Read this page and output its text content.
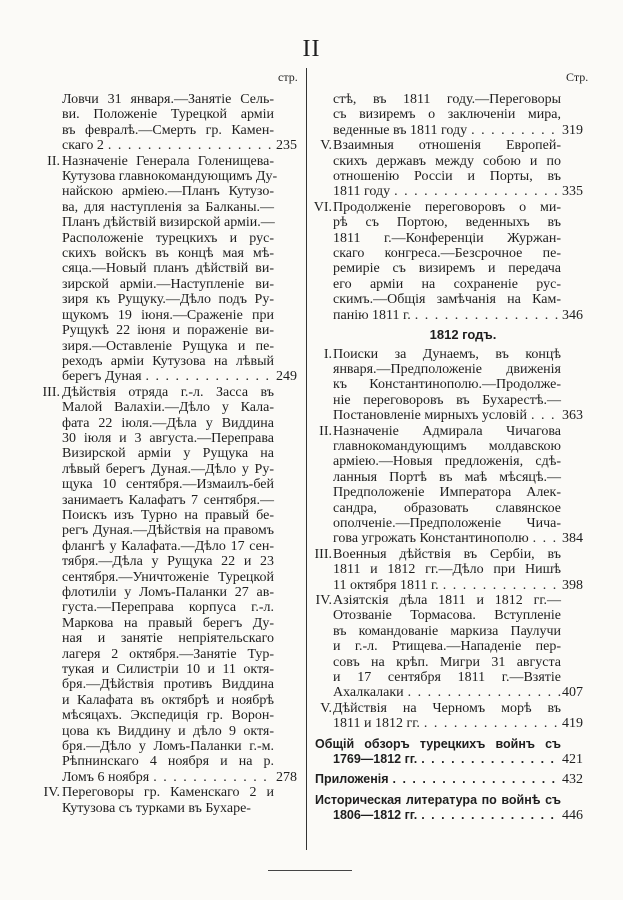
II
стр.	Стр.
Ловчи 31 января.—Занятіе Сель-
ви. Положеніе Турецкой арміи
въ февралѣ.—Смерть гр. Камен-
скаго 2 . . .	235
II. Назначеніе Генерала Голенищева-
Кутузова главнокомандующимъ Ду-
найскою арміею.—Планъ Кутузо-
ва, для наступленія за Балканы.—
Планъ дѣйствій визирской арміи.—
Расположеніе турецкихъ и рус-
скихъ войскъ въ концѣ мая мѣ-
сяца.—Новый планъ дѣйствій ви-
зирской арміи.—Наступленіе ви-
зиря къ Рущуку.—Дѣло подъ Ру-
щукомъ 19 іюня.—Сраженіе при
Рущукѣ 22 іюня и пораженіе ви-
зиря.—Оставленіе Рущука и пе-
реходъ арміи Кутузова на лѣвый
берегъ Дуная . . .	249
III. Дѣйствія отряда г.-л. Засса въ
Малой Валахіи.—Дѣло у Кала-
фата 22 іюля.—Дѣла у Виддина
30 іюля и 3 августа.—Переправа
Визирской арміи у Рущука на
лѣвый берегъ Дуная.—Дѣло у Ру-
щука 10 сентября.—Измаилъ-бей
занимаетъ Калафатъ 7 сентября.—
Поискъ изъ Турно на правый бе-
регъ Дуная.—Дѣйствія на правомъ
флангѣ у Калафата.—Дѣло 17 сен-
тября.—Дѣла у Рущука 22 и 23
сентября.—Уничтоженіе Турецкой
флотиліи у Ломъ-Паланки 27 ав-
густа.—Переправа корпуса г.-л.
Маркова на правый берегъ Ду-
ная и занятіе непріятельскаго
лагеря 2 октября.—Занятіе Тур-
тукая и Силистріи 10 и 11 октя-
бря.—Дѣйствія противъ Виддина
и Калафата въ октябрѣ и ноябрѣ
мѣсяцахъ. Экспедиція гр. Ворон-
цова къ Виддину и дѣло 9 октя-
бря.—Дѣло у Ломъ-Паланки г.-м.
Рѣпнинскаго 4 ноября и на р.
Ломъ 6 ноября . . .	278
IV. Переговоры гр. Каменскаго 2 и
Кутузова съ турками въ Бухаре-
стѣ, въ 1811 году.—Переговоры
съ визиремъ о заключеніи мира,
веденные въ 1811 году . . .	319
V. Взаимныя отношенія Европей-
скихъ державъ между собою и по
отношенію Россіи и Порты, въ
1811 году . . .	335
VI. Продолженіе переговоровъ о ми-
рѣ съ Портою, веденныхъ въ
1811 г.—Конференціи Журжан-
скаго конгреса.—Безсрочное пе-
ремиріе съ визиремъ и передача
его арміи на сохраненіе рус-
скимъ.—Общія замѣчанія на Кам-
панію 1811 г. . . .	346
1812 годъ.
I. Поиски за Дунаемъ, въ концѣ
января.—Предположеніе движенія
къ Константинополю.—Продолже-
ніе переговоровъ въ Бухарестѣ.—
Постановленіе мирныхъ условій . . . 363
II. Назначеніе Адмирала Чичагова
главнокомандующимъ молдавскою
арміею.—Новыя предложенія, сдѣ-
ланныя Портѣ въ маѣ мѣсяцѣ.—
Предположеніе Императора Алек-
сандра, образовать славянское
ополченіе.—Предположеніе Чича-
гова угрожать Константинополю . . . 384
III. Военныя дѣйствія въ Сербіи, въ
1811 и 1812 гг.—Дѣло при Нишѣ
11 октября 1811 г. . . .	398
IV. Азіятскія дѣла 1811 и 1812 гг.—
Отозваніе Тормасова. Вступленіе
въ командованіе маркиза Паулучи
и г.-л. Ртищева.—Нападеніе пер-
совъ на крѣп. Мигри 31 августа
и 17 сентября 1811 г.—Взятіе
Ахалкалаки . . .	407
V. Дѣйствія на Черномъ морѣ въ
1811 и 1812 гг. . . .	419
Общій обзоръ турецкихъ войнъ съ
1769—1812 гг. . . .	421
Приложенія . . .	432
Историческая литература по войнѣ съ
1806—1812 гг. . . .	446
